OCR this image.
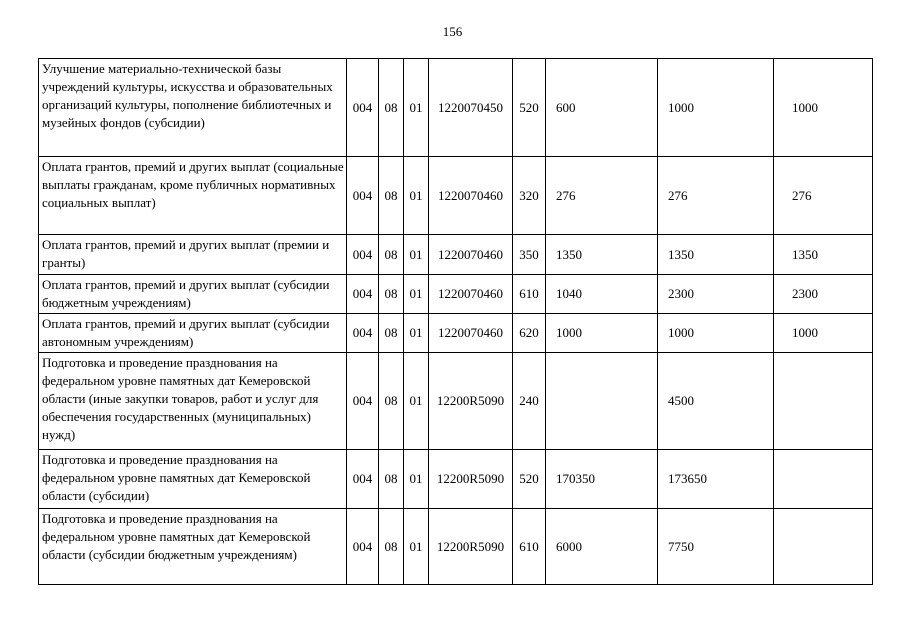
156
Улучшение материально-технической базы учреждений культуры, искусства и образовательных организаций культуры, пополнение библиотечных и музейных фондов (субсидии)	004	08	01	1220070450	520	600	1000	1000
Оплата грантов, премий и других выплат (социальные выплаты гражданам, кроме публичных нормативных социальных выплат)	004	08	01	1220070460	320	276	276	276
Оплата грантов, премий и других выплат (премии и гранты)	004	08	01	1220070460	350	1350	1350	1350
Оплата грантов, премий и других выплат (субсидии бюджетным учреждениям)	004	08	01	1220070460	610	1040	2300	2300
Оплата грантов, премий и других выплат (субсидии автономным учреждениям)	004	08	01	1220070460	620	1000	1000	1000
Подготовка и проведение празднования на федеральном уровне памятных дат Кемеровской области (иные закупки товаров, работ и услуг для обеспечения государственных (муниципальных) нужд)	004	08	01	12200R5090	240		4500	
Подготовка и проведение празднования на федеральном уровне памятных дат Кемеровской области (субсидии)	004	08	01	12200R5090	520	170350	173650	
Подготовка и проведение празднования на федеральном уровне памятных дат Кемеровской области (субсидии бюджетным учреждениям)	004	08	01	12200R5090	610	6000	7750	
